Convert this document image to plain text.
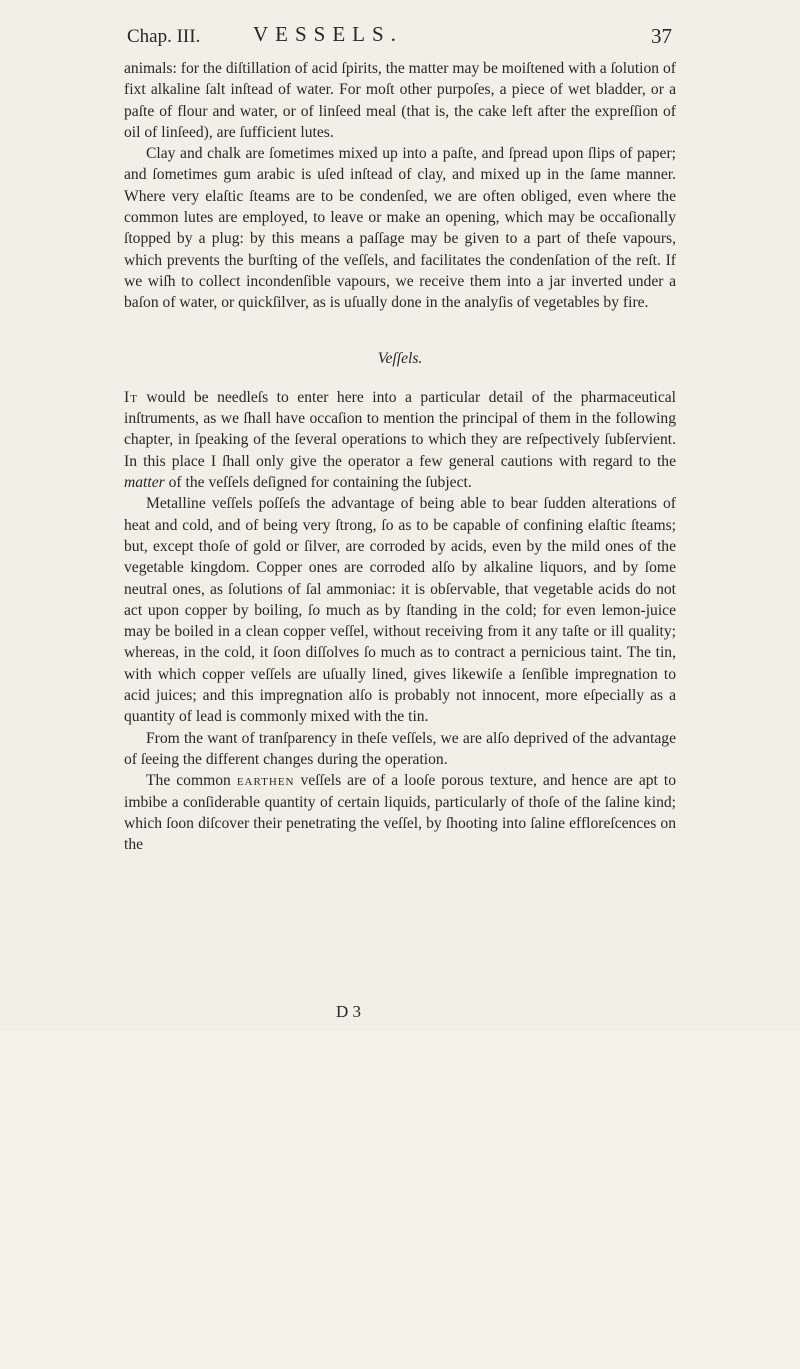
Chap. III.	VESSELS.	37

animals: for the diſtillation of acid ſpirits, the matter may be moiſtened with a ſolution of fixt alkaline ſalt inſtead of water. For moſt other purpoſes, a piece of wet bladder, or a paſte of flour and water, or of linſeed meal (that is, the cake left after the expreſſion of oil of linſeed), are ſufficient lutes.

Clay and chalk are ſometimes mixed up into a paſte, and ſpread upon ſlips of paper; and ſometimes gum arabic is uſed inſtead of clay, and mixed up in the ſame manner. Where very elaſtic ſteams are to be condenſed, we are often obliged, even where the common lutes are employed, to leave or make an opening, which may be occaſionally ſtopped by a plug: by this means a paſſage may be given to a part of theſe vapours, which prevents the burſting of the veſſels, and facilitates the condenſation of the reſt. If we wiſh to collect incondenſible vapours, we receive them into a jar inverted under a baſon of water, or quickſilver, as is uſually done in the analyſis of vegetables by fire.

Veſſels.

It would be needleſs to enter here into a particular detail of the pharmaceutical inſtruments, as we ſhall have occaſion to mention the principal of them in the following chapter, in ſpeaking of the ſeveral operations to which they are reſpectively ſubſervient. In this place I ſhall only give the operator a few general cautions with regard to the matter of the veſſels deſigned for containing the ſubject.

Metalline veſſels poſſeſs the advantage of being able to bear ſudden alterations of heat and cold, and of being very ſtrong, ſo as to be capable of confining elaſtic ſteams; but, except thoſe of gold or ſilver, are corroded by acids, even by the mild ones of the vegetable kingdom. Copper ones are corroded alſo by alkaline liquors, and by ſome neutral ones, as ſolutions of ſal ammoniac: it is obſervable, that vegetable acids do not act upon copper by boiling, ſo much as by ſtanding in the cold; for even lemon-juice may be boiled in a clean copper veſſel, without receiving from it any taſte or ill quality; whereas, in the cold, it ſoon diſſolves ſo much as to contract a pernicious taint. The tin, with which copper veſſels are uſually lined, gives likewiſe a ſenſible impregnation to acid juices; and this impregnation alſo is probably not innocent, more eſpecially as a quantity of lead is commonly mixed with the tin.

From the want of tranſparency in theſe veſſels, we are alſo deprived of the advantage of ſeeing the different changes during the operation.

The common earthen veſſels are of a looſe porous texture, and hence are apt to imbibe a conſiderable quantity of certain liquids, particularly of thoſe of the ſaline kind; which ſoon diſcover their penetrating the veſſel, by ſhooting into ſaline efflorеſcences on the

D 3
